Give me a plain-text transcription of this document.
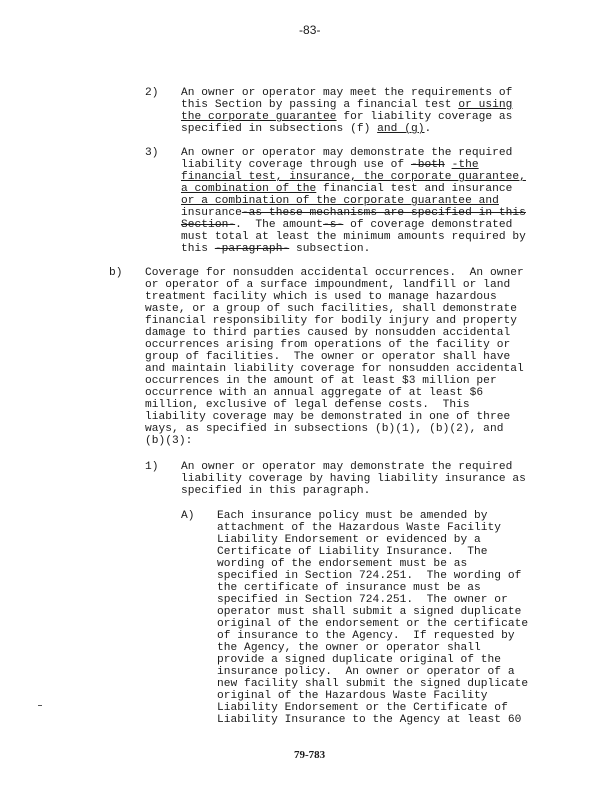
-83-
2) An owner or operator may meet the requirements of
this Section by passing a financial test or using
the corporate guarantee for liability coverage as
specified in subsections (f) and (g).
3) An owner or operator may demonstrate the required
liability coverage through use of -both -the
financial test, insurance, the corporate guarantee,
a combination of the financial test and insurance
or a combination of the corporate guarantee and
insurance-as these mechanisms are specified in this
Section-.  The amount-s- of coverage demonstrated
must total at least the minimum amounts required by
this -paragraph- subsection.
b) Coverage for nonsudden accidental occurrences.  An owner
or operator of a surface impoundment, landfill or land
treatment facility which is used to manage hazardous
waste, or a group of such facilities, shall demonstrate
financial responsibility for bodily injury and property
damage to third parties caused by nonsudden accidental
occurrences arising from operations of the facility or
group of facilities.  The owner or operator shall have
and maintain liability coverage for nonsudden accidental
occurrences in the amount of at least $3 million per
occurrence with an annual aggregate of at least $6
million, exclusive of legal defense costs.  This
liability coverage may be demonstrated in one of three
ways, as specified in subsections (b)(1), (b)(2), and
(b)(3):
1) An owner or operator may demonstrate the required
liability coverage by having liability insurance as
specified in this paragraph.
A) Each insurance policy must be amended by
attachment of the Hazardous Waste Facility
Liability Endorsement or evidenced by a
Certificate of Liability Insurance.  The
wording of the endorsement must be as
specified in Section 724.251.  The wording of
the certificate of insurance must be as
specified in Section 724.251.  The owner or
operator must shall submit a signed duplicate
original of the endorsement or the certificate
of insurance to the Agency.  If requested by
the Agency, the owner or operator shall
provide a signed duplicate original of the
insurance policy.  An owner or operator of a
new facility shall submit the signed duplicate
original of the Hazardous Waste Facility
Liability Endorsement or the Certificate of
Liability Insurance to the Agency at least 60
79-783
